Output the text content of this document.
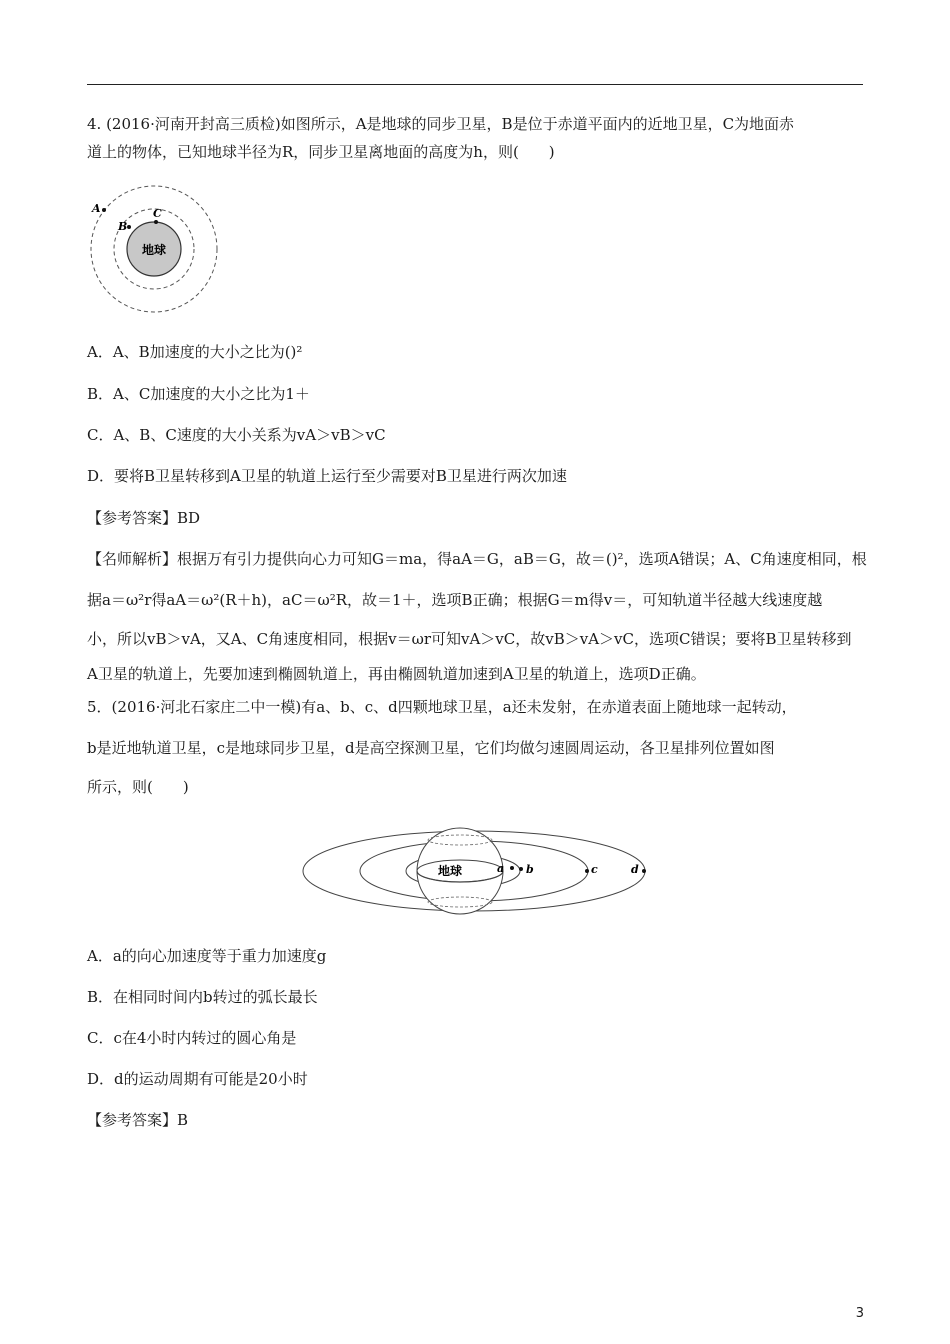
4. (2016·河南开封高三质检)如图所示，A是地球的同步卫星，B是位于赤道平面内的近地卫星，C为地面赤
道上的物体，已知地球半径为R，同步卫星离地面的高度为h，则(　　)
地球
A
B
C
A．A、B加速度的大小之比为()²
B．A、C加速度的大小之比为1＋
C．A、B、C速度的大小关系为vA＞vB＞vC
D．要将B卫星转移到A卫星的轨道上运行至少需要对B卫星进行两次加速
【参考答案】BD
【名师解析】根据万有引力提供向心力可知G＝ma，得aA＝G，aB＝G，故＝()²，选项A错误；A、C角速度相同，根
据a＝ω²r得aA＝ω²(R＋h)，aC＝ω²R，故＝1＋，选项B正确；根据G＝m得v＝，可知轨道半径越大线速度越
小，所以vB＞vA，又A、C角速度相同，根据v＝ωr可知vA＞vC，故vB＞vA＞vC，选项C错误；要将B卫星转移到
A卫星的轨道上，先要加速到椭圆轨道上，再由椭圆轨道加速到A卫星的轨道上，选项D正确。
5．(2016·河北石家庄二中一模)有a、b、c、d四颗地球卫星，a还未发射，在赤道表面上随地球一起转动，
b是近地轨道卫星，c是地球同步卫星，d是高空探测卫星，它们均做匀速圆周运动，各卫星排列位置如图
所示，则(　　)
地球	a b	c	d
A．a的向心加速度等于重力加速度g
B．在相同时间内b转过的弧长最长
C．c在4小时内转过的圆心角是
D．d的运动周期有可能是20小时
【参考答案】B
3
